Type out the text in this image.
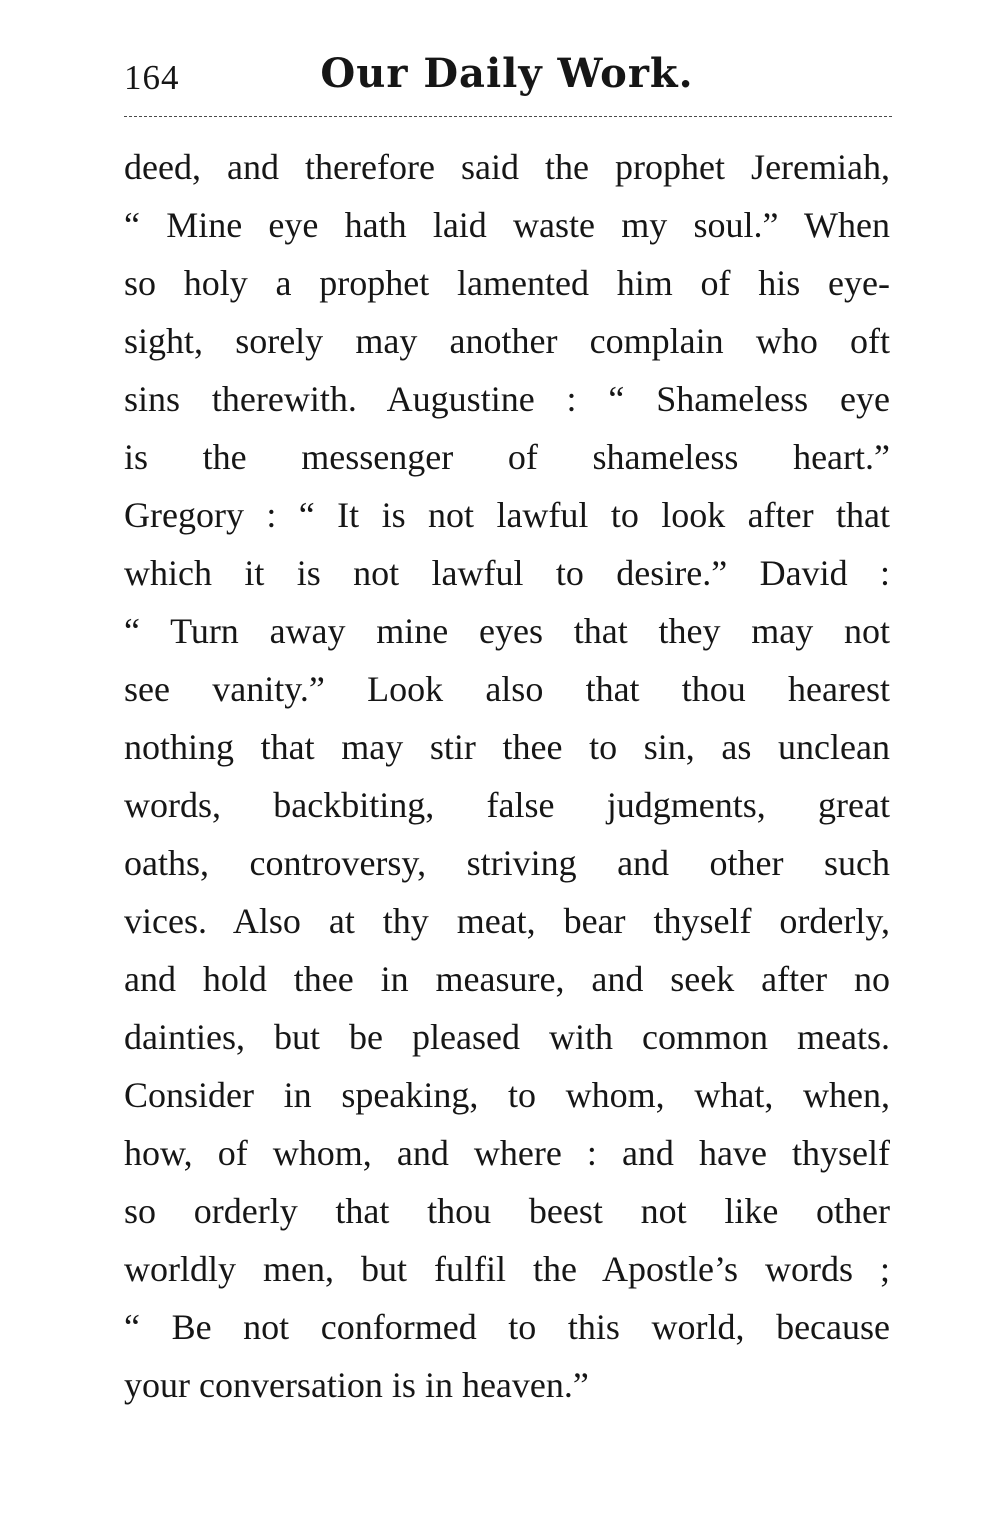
164	Our Daily Work.
deed, and therefore said the prophet Jeremiah,
“ Mine eye hath laid waste my soul.” When
so holy a prophet lamented him of his eye-
sight, sorely may another complain who oft
sins therewith. Augustine : “ Shameless eye
is the messenger of shameless heart.”
Gregory : “ It is not lawful to look after that
which it is not lawful to desire.” David :
“ Turn away mine eyes that they may not
see vanity.” Look also that thou hearest
nothing that may stir thee to sin, as unclean
words, backbiting, false judgments, great
oaths, controversy, striving and other such
vices. Also at thy meat, bear thyself orderly,
and hold thee in measure, and seek after no
dainties, but be pleased with common meats.
Consider in speaking, to whom, what, when,
how, of whom, and where : and have thyself
so orderly that thou beest not like other
worldly men, but fulfil the Apostle’s words ;
“ Be not conformed to this world, because
your conversation is in heaven.”
